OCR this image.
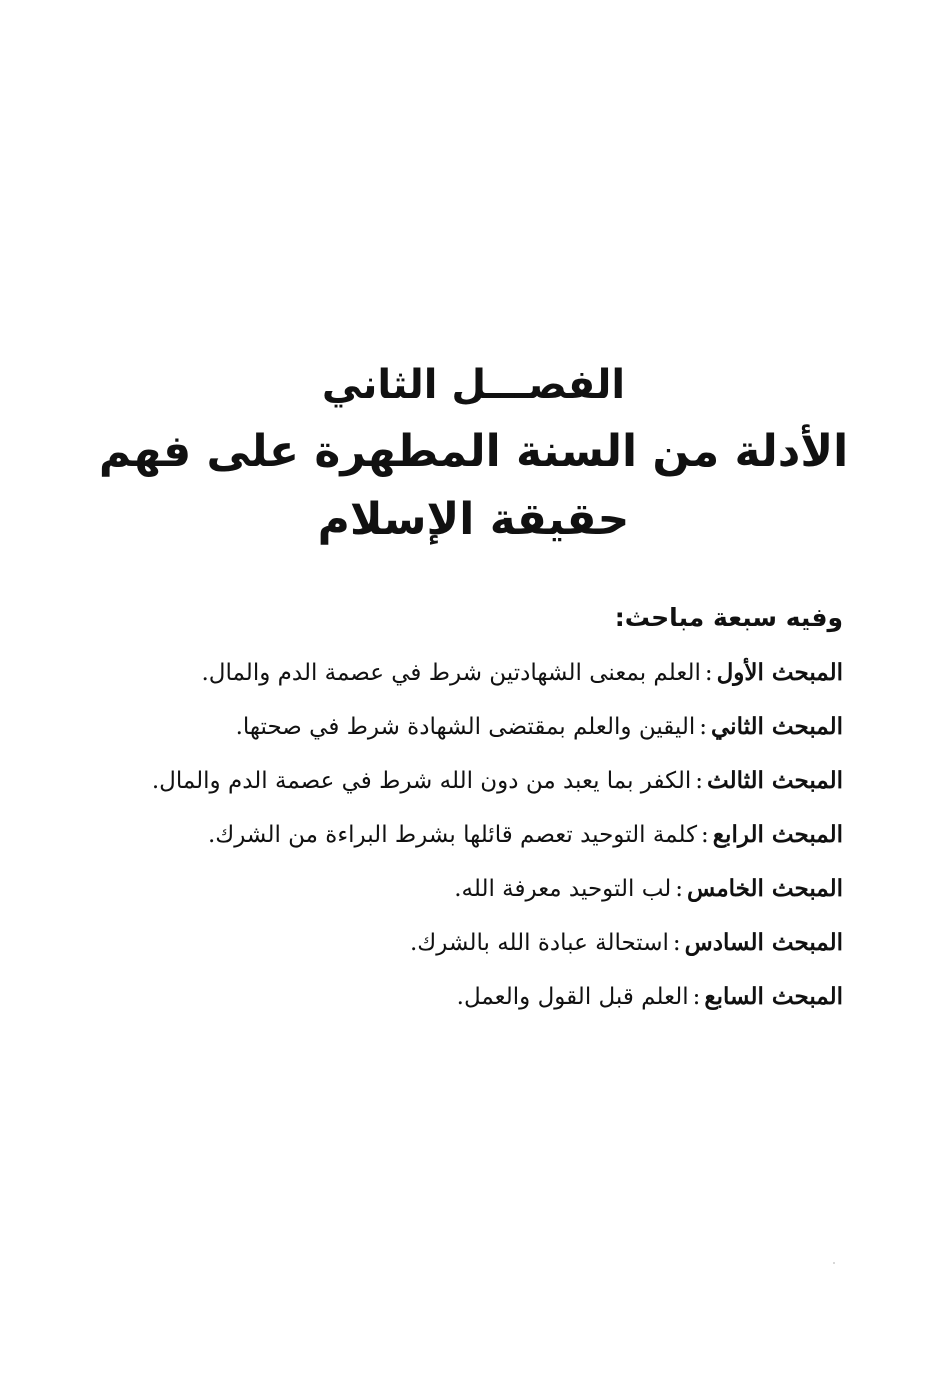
الفصـــل الثاني
الأدلة من السنة المطهرة على فهم حقيقة الإسلام

وفيه سبعة مباحث:

المبحث الأول:العلم بمعنى الشهادتين شرط في عصمة الدم والمال.
المبحث الثاني:اليقين والعلم بمقتضى الشهادة شرط في صحتها.
المبحث الثالث:الكفر بما يعبد من دون الله شرط في عصمة الدم والمال.
المبحث الرابع:كلمة التوحيد تعصم قائلها بشرط البراءة من الشرك.
المبحث الخامس:لب التوحيد معرفة الله.
المبحث السادس:استحالة عبادة الله بالشرك.
المبحث السابع:العلم قبل القول والعمل.
